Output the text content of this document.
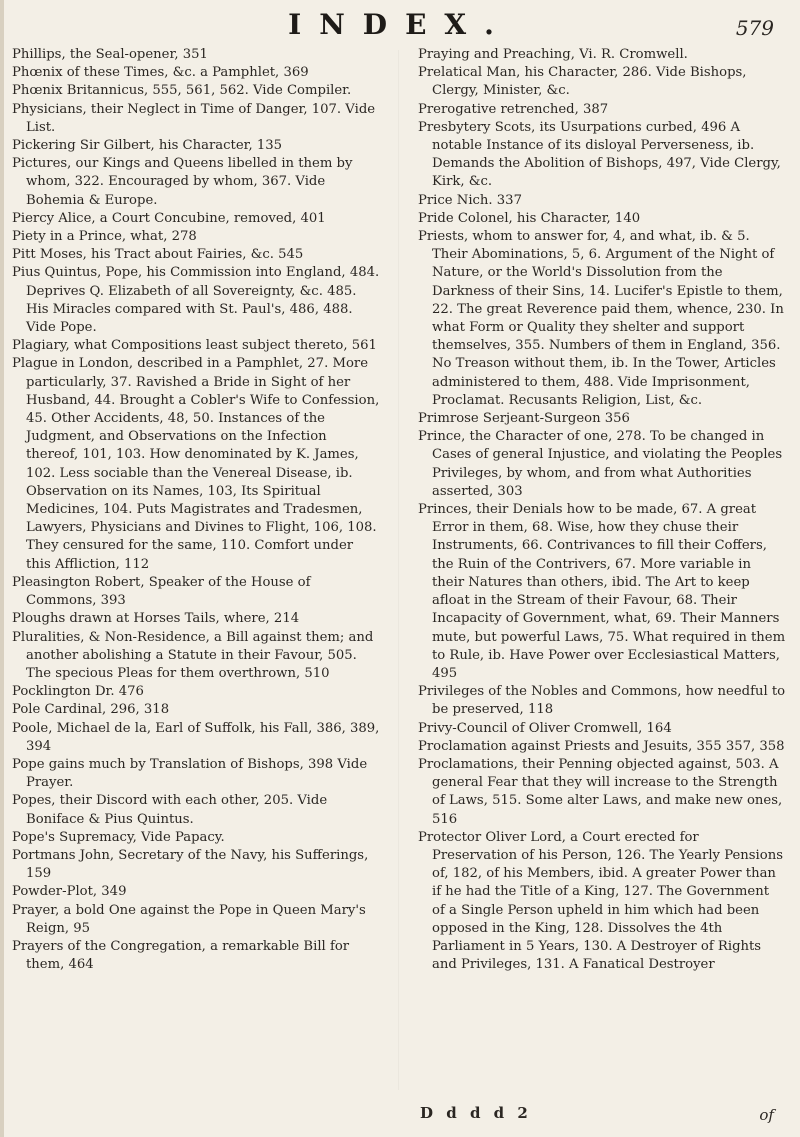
INDEX.	579

Phillips, the Seal-opener, 351

Phœnix of these Times, &c. a Pamphlet, 369

Phœnix Britannicus, 555, 561, 562. Vide Compiler.

Physicians, their Neglect in Time of Danger, 107. Vide List.

Pickering Sir Gilbert, his Character, 135

Pictures, our Kings and Queens libelled in them by whom, 322. Encouraged by whom, 367. Vide Bohemia & Europe.

Piercy Alice, a Court Concubine, removed, 401

Piety in a Prince, what, 278

Pitt Moses, his Tract about Fairies, &c. 545

Pius Quintus, Pope, his Commission into England, 484. Deprives Q. Elizabeth of all Sovereignty, &c. 485. His Miracles compared with St. Paul's, 486, 488. Vide Pope.

Plagiary, what Compositions least subject thereto, 561

Plague in London, described in a Pamphlet, 27. More particularly, 37. Ravished a Bride in Sight of her Husband, 44. Brought a Cobler's Wife to Confession, 45. Other Accidents, 48, 50. Instances of the Judgment, and Observations on the Infection thereof, 101, 103. How denominated by K. James, 102. Less sociable than the Venereal Disease, ib. Observation on its Names, 103, Its Spiritual Medicines, 104. Puts Magistrates and Tradesmen, Lawyers, Physicians and Divines to Flight, 106, 108. They censured for the same, 110. Comfort under this Affliction, 112

Pleasington Robert, Speaker of the House of Commons, 393

Ploughs drawn at Horses Tails, where, 214

Pluralities, & Non-Residence, a Bill against them; and another abolishing a Statute in their Favour, 505. The specious Pleas for them overthrown, 510

Pocklington Dr. 476

Pole Cardinal, 296, 318

Poole, Michael de la, Earl of Suffolk, his Fall, 386, 389, 394

Pope gains much by Translation of Bishops, 398 Vide Prayer.

Popes, their Discord with each other, 205. Vide Boniface & Pius Quintus.

Pope's Supremacy, Vide Papacy.

Portmans John, Secretary of the Navy, his Sufferings, 159

Powder-Plot, 349

Prayer, a bold One against the Pope in Queen Mary's Reign, 95

Prayers of the Congregation, a remarkable Bill for them, 464

Praying and Preaching, Vi. R. Cromwell.

Prelatical Man, his Character, 286. Vide Bishops, Clergy, Minister, &c.

Prerogative retrenched, 387

Presbytery Scots, its Usurpations curbed, 496 A notable Instance of its disloyal Perverseness, ib. Demands the Abolition of Bishops, 497, Vide Clergy, Kirk, &c.

Price Nich. 337

Pride Colonel, his Character, 140

Priests, whom to answer for, 4, and what, ib. & 5. Their Abominations, 5, 6. Argument of the Night of Nature, or the World's Dissolution from the Darkness of their Sins, 14. Lucifer's Epistle to them, 22. The great Reverence paid them, whence, 230. In what Form or Quality they shelter and support themselves, 355. Numbers of them in England, 356. No Treason without them, ib. In the Tower, Articles administered to them, 488. Vide Imprisonment, Proclamat. Recusants Religion, List, &c.

Primrose Serjeant-Surgeon 356

Prince, the Character of one, 278. To be changed in Cases of general Injustice, and violating the Peoples Privileges, by whom, and from what Authorities asserted, 303

Princes, their Denials how to be made, 67. A great Error in them, 68. Wise, how they chuse their Instruments, 66. Contrivances to fill their Coffers, the Ruin of the Contrivers, 67. More variable in their Natures than others, ibid. The Art to keep afloat in the Stream of their Favour, 68. Their Incapacity of Government, what, 69. Their Manners mute, but powerful Laws, 75. What required in them to Rule, ib. Have Power over Ecclesiastical Matters, 495

Privileges of the Nobles and Commons, how needful to be preserved, 118

Privy-Council of Oliver Cromwell, 164

Proclamation against Priests and Jesuits, 355 357, 358

Proclamations, their Penning objected against, 503. A general Fear that they will increase to the Strength of Laws, 515. Some alter Laws, and make new ones, 516

Protector Oliver Lord, a Court erected for Preservation of his Person, 126. The Yearly Pensions of, 182, of his Members, ibid. A greater Power than if he had the Title of a King, 127. The Government of a Single Person upheld in him which had been opposed in the King, 128. Dissolves the 4th Parliament in 5 Years, 130. A Destroyer of Rights and Privileges, 131. A Fanatical Destroyer

D d d d 2	of
